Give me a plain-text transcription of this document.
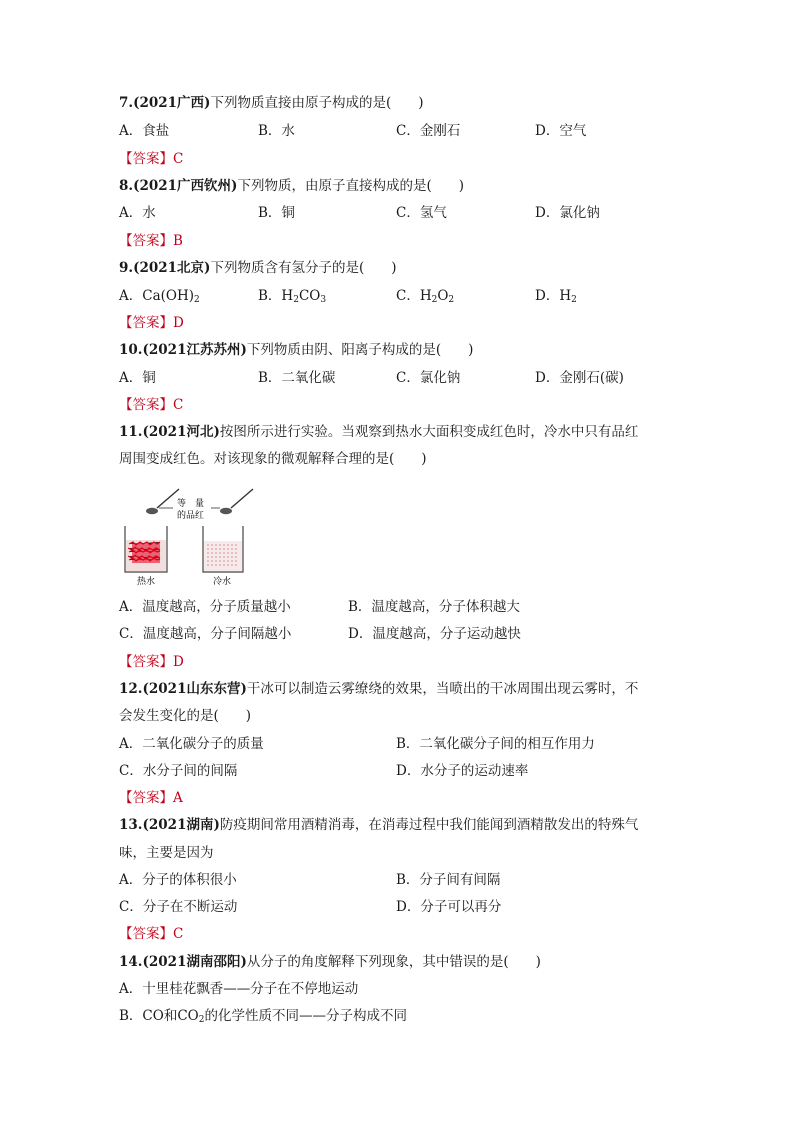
7.(2021广西)下列物质直接由原子构成的是(　　)
A．食盐	B．水	C．金刚石	D．空气
【答案】C
8.(2021广西钦州)下列物质，由原子直接构成的是(　　)
A．水	B．铜	C．氢气	D．氯化钠
【答案】B
9.(2021北京)下列物质含有氢分子的是(　　)
A．$Ca(OH)_2$	B．$H_2CO_3$	C．$H_2O_2$	D．$H_2$
【答案】D
10.(2021江苏苏州)下列物质由阴、阳离子构成的是(　　)
A．铜	B．二氧化碳	C．氯化钠	D．金刚石(碳)
【答案】C
11.(2021河北)按图所示进行实验。当观察到热水大面积变成红色时，冷水中只有品红
周围变成红色。对该现象的微观解释合理的是(　　)
等　量
的品红
热水	冷水
A．温度越高，分子质量越小	B．温度越高，分子体积越大
C．温度越高，分子间隔越小	D．温度越高，分子运动越快
【答案】D
12.(2021山东东营)干冰可以制造云雾缭绕的效果，当喷出的干冰周围出现云雾时，不
会发生变化的是(　　)
A．二氧化碳分子的质量	B．二氧化碳分子间的相互作用力
C．水分子间的间隔	D．水分子的运动速率
【答案】A
13.(2021湖南)防疫期间常用酒精消毒，在消毒过程中我们能闻到酒精散发出的特殊气
味，主要是因为
A．分子的体积很小	B．分子间有间隔
C．分子在不断运动	D．分子可以再分
【答案】C
14.(2021湖南邵阳)从分子的角度解释下列现象，其中错误的是(　　)
A．十里桂花飘香——分子在不停地运动
B．CO和$CO_2$的化学性质不同——分子构成不同
